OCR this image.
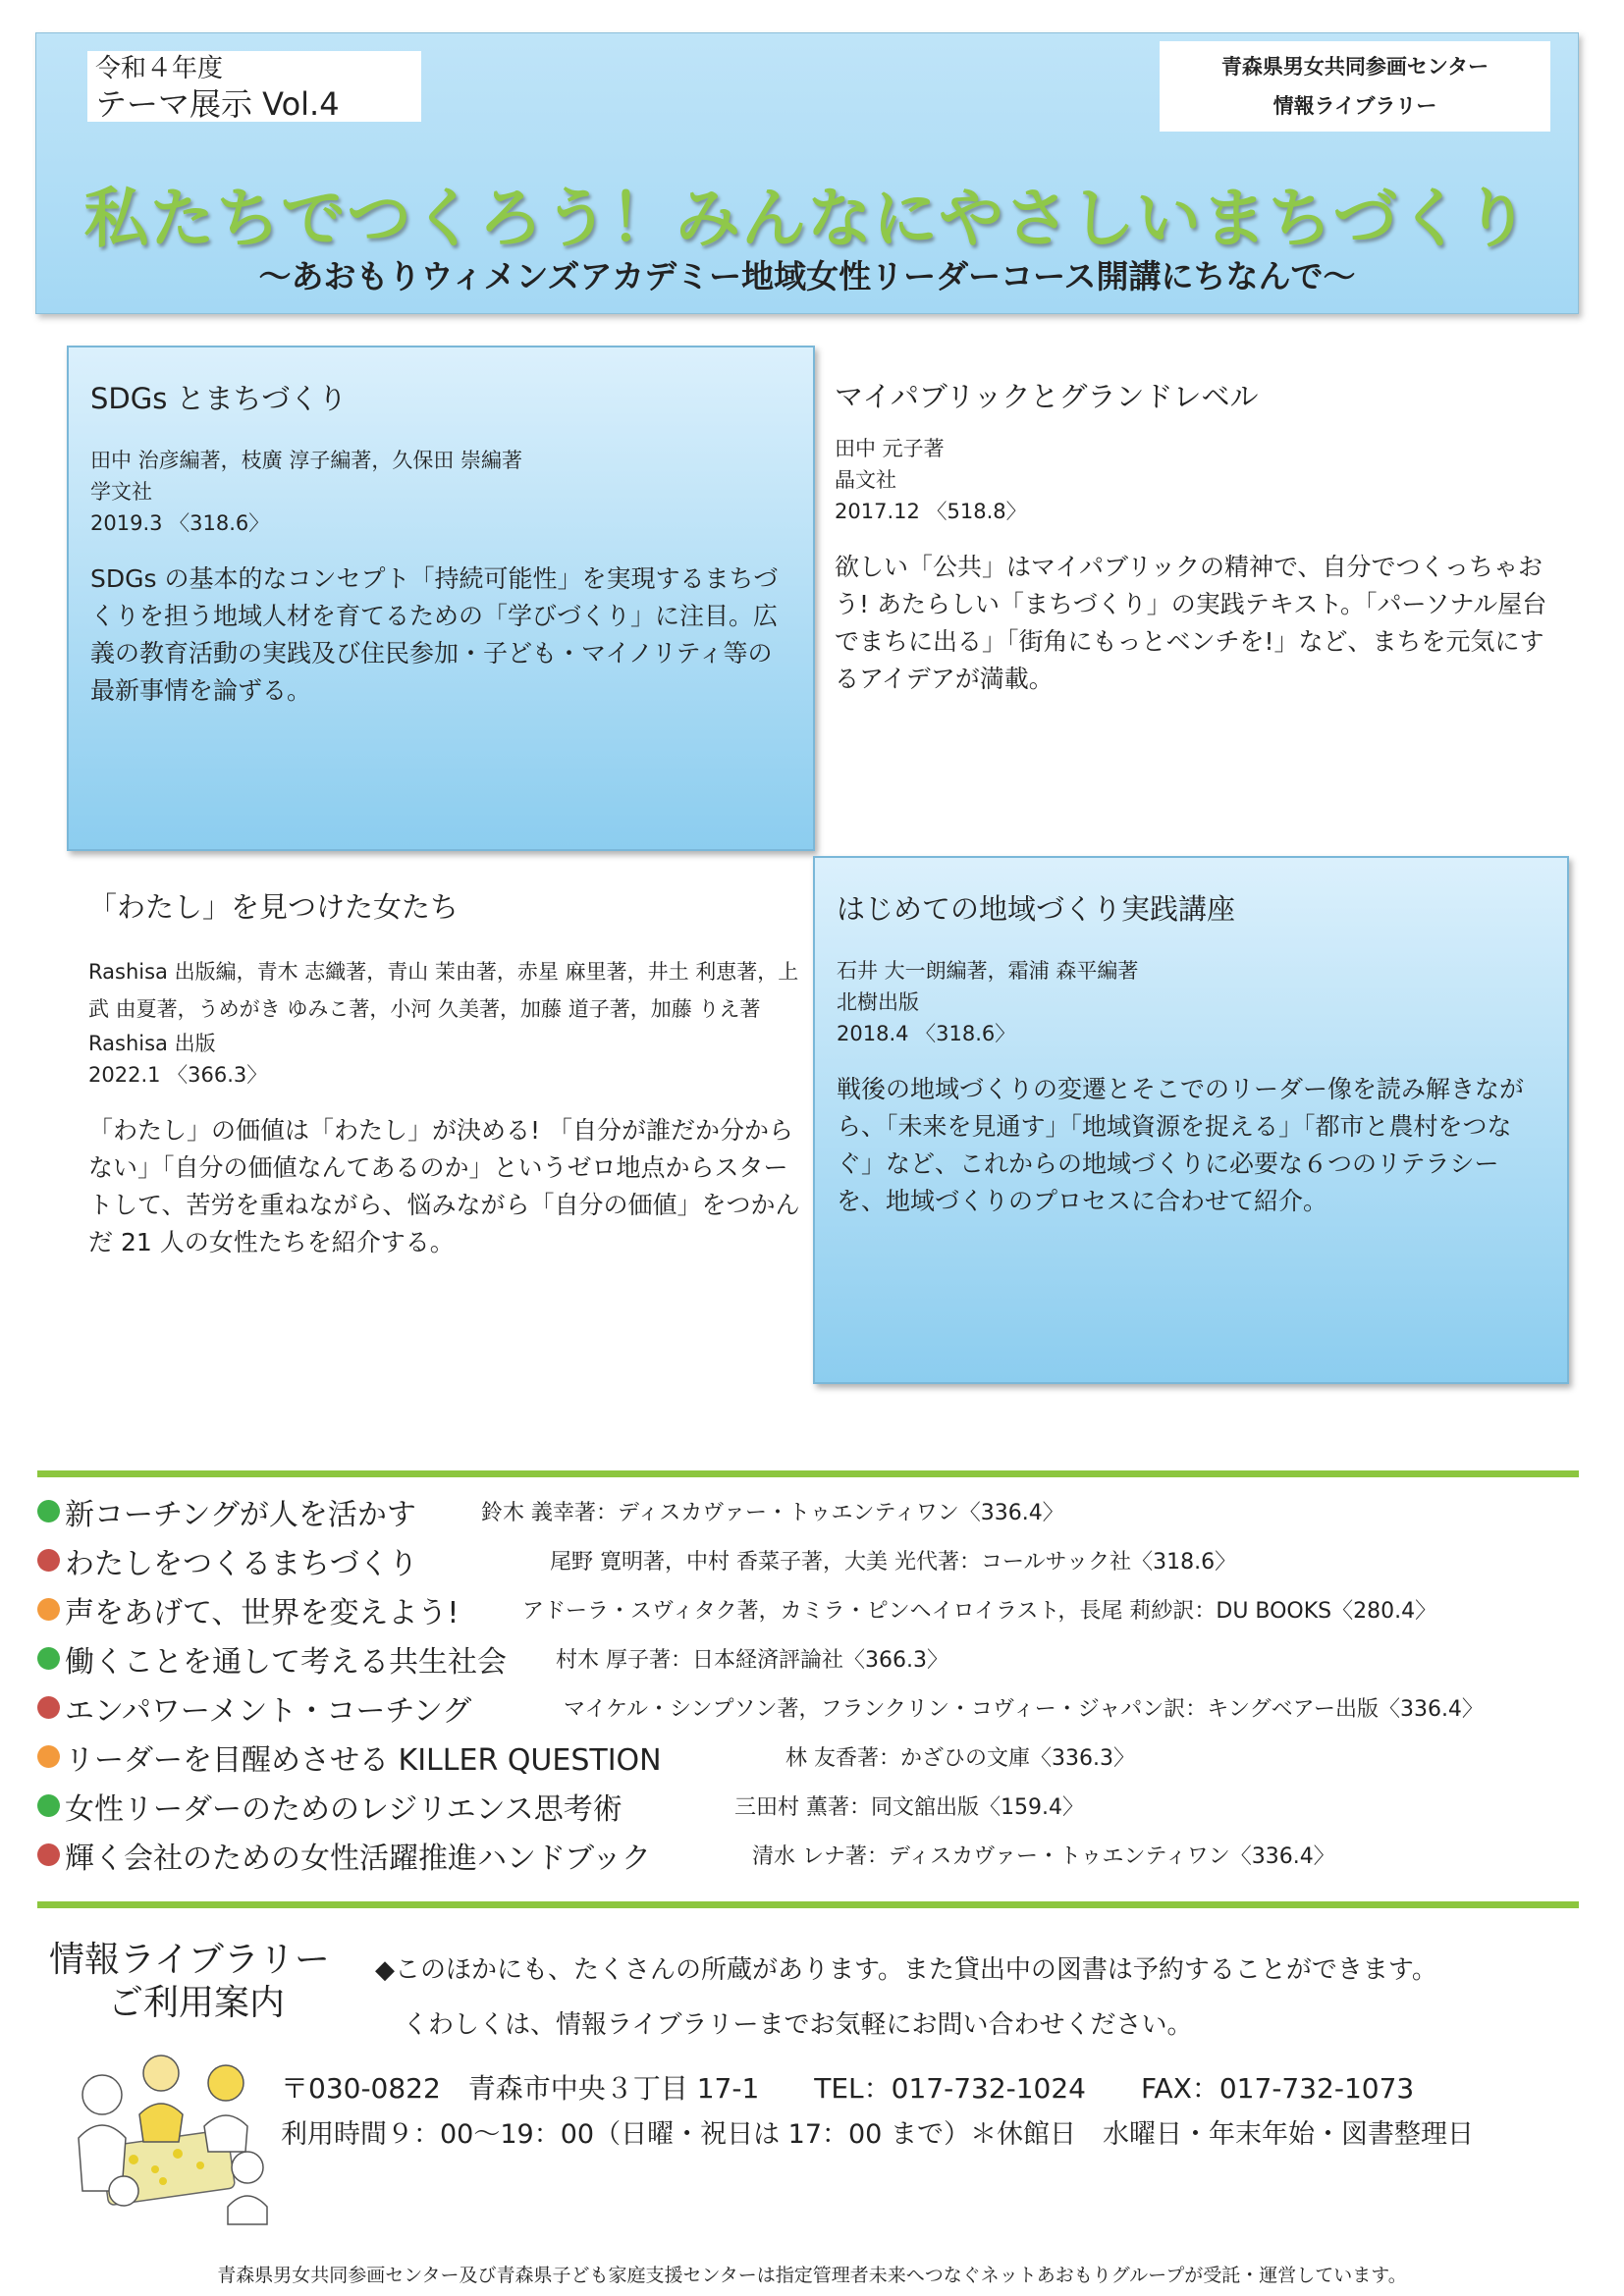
令和４年度
テーマ展示 Vol.4
青森県男女共同参画センター
情報ライブラリー
私たちでつくろう！みんなにやさしいまちづくり
～あおもりウィメンズアカデミー地域女性リーダーコース開講にちなんで～
SDGs とまちづくり
田中 治彦編著，枝廣 淳子編著，久保田 崇編著
学文社
2019.3 〈318.6〉
SDGs の基本的なコンセプト「持続可能性」を実現するまちづくりを担う地域人材を育てるための「学びづくり」に注目。広義の教育活動の実践及び住民参加・子ども・マイノリティ等の最新事情を論ずる。
マイパブリックとグランドレベル
田中 元子著
晶文社
2017.12 〈518.8〉
欲しい「公共」はマイパブリックの精神で、自分でつくっちゃおう! あたらしい「まちづくり」の実践テキスト。「パーソナル屋台でまちに出る」「街角にもっとベンチを!」など、まちを元気にするアイデアが満載。
「わたし」を見つけた女たち
Rashisa 出版編，青木 志織著，青山 茉由著，赤星 麻里著，井土 利恵著，上武 由夏著，うめがき ゆみこ著，小河 久美著，加藤 道子著，加藤 りえ著
Rashisa 出版
2022.1 〈366.3〉
「わたし」の価値は「わたし」が決める! 「自分が誰だか分からない」「自分の価値なんてあるのか」というゼロ地点からスタートして、苦労を重ねながら、悩みながら「自分の価値」をつかんだ 21 人の女性たちを紹介する。
はじめての地域づくり実践講座
石井 大一朗編著，霜浦 森平編著
北樹出版
2018.4 〈318.6〉
戦後の地域づくりの変遷とそこでのリーダー像を読み解きながら、「未来を見通す」「地域資源を捉える」「都市と農村をつなぐ」など、これからの地域づくりに必要な６つのリテラシーを、地域づくりのプロセスに合わせて紹介。
新コーチングが人を活かす	鈴木 義幸著：ディスカヴァー・トゥエンティワン〈336.4〉
わたしをつくるまちづくり	尾野 寛明著，中村 香菜子著，大美 光代著：コールサック社〈318.6〉
声をあげて、世界を変えよう!	アドーラ・スヴィタク著，カミラ・ピンヘイロイラスト，長尾 莉紗訳：DU BOOKS〈280.4〉
働くことを通して考える共生社会 村木 厚子著：日本経済評論社〈366.3〉
エンパワーメント・コーチング	マイケル・シンプソン著，フランクリン・コヴィー・ジャパン訳：キングベアー出版〈336.4〉
リーダーを目醒めさせる KILLER QUESTION	林 友香著：かざひの文庫〈336.3〉
女性リーダーのためのレジリエンス思考術	三田村 薫著：同文舘出版〈159.4〉
輝く会社のための女性活躍推進ハンドブック	清水 レナ著：ディスカヴァー・トゥエンティワン〈336.4〉
情報ライブラリー
ご利用案内
◆このほかにも、たくさんの所蔵があります。また貸出中の図書は予約することができます。
くわしくは、情報ライブラリーまでお気軽にお問い合わせください。
〒030-0822　青森市中央３丁目 17-1　　TEL：017-732-1024　　FAX：017-732-1073
利用時間９：00～19：00（日曜・祝日は 17：00 まで）＊休館日　水曜日・年末年始・図書整理日
青森県男女共同参画センター及び青森県子ども家庭支援センターは指定管理者未来へつなぐネットあおもりグループが受託・運営しています。
